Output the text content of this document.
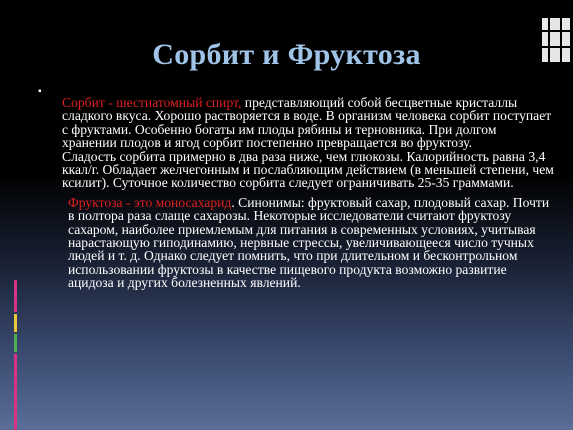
Сорбит и Фруктоза
▪

Сорбит - шестиатомный спирт, представляющий собой бесцветные кристаллы сладкого вкуса. Хорошо растворяется в воде. В организм человека сорбит поступает с фруктами. Особенно богаты им плоды рябины и терновника. При долгом хранении плодов и ягод сорбит постепенно превращается во фруктозу.

Сладость сорбита примерно в два раза ниже, чем глюкозы. Калорийность равна 3,4 ккал/г. Обладает желчегонным и послабляющим действием (в меньшей степени, чем ксилит). Суточное количество сорбита следует ограничивать 25-35 граммами.

Фруктоза - это моносахарид. Синонимы: фруктовый сахар, плодовый сахар. Почти в полтора раза слаще сахарозы. Некоторые исследователи считают фруктозу сахаром, наиболее приемлемым для питания в современных условиях, учитывая нарастающую гиподинамию, нервные стрессы, увеличивающееся число тучных людей и т. д. Однако следует помнить, что при длительном и бесконтрольном использовании фруктозы в качестве пищевого продукта возможно развитие ацидоза и других болезненных явлений.
